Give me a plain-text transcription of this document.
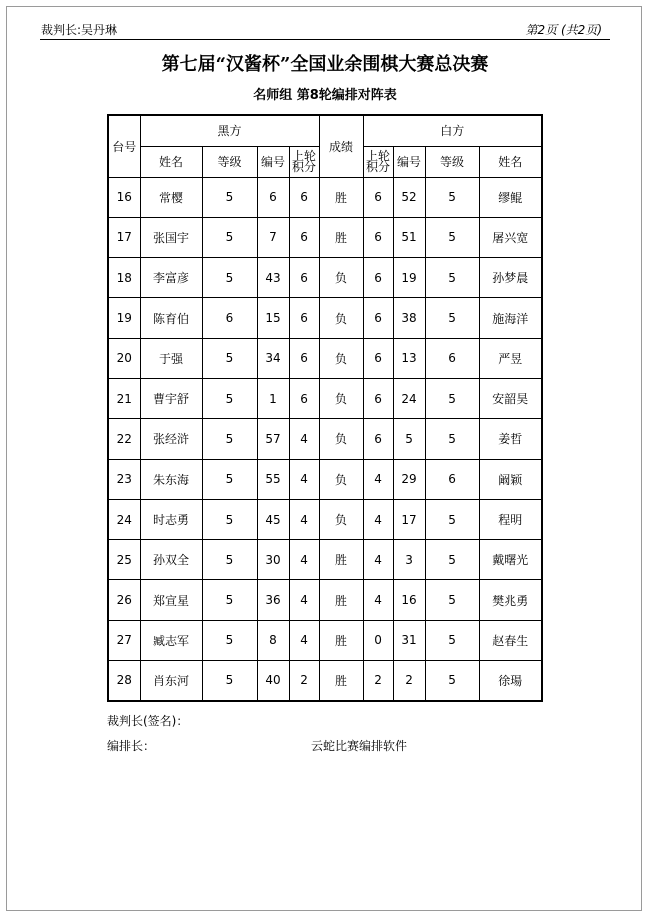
裁判长:吴丹琳	第2页 (共2页)
第七届“汉酱杯”全国业余围棋大赛总决赛
名师组 第8轮编排对阵表
台号	黑方				成绩	白方			
	姓名	等级	编号	上轮积分		上轮积分	编号	等级	姓名
16	常樱	5	6	6	胜	6	52	5	缪鲲
17	张国宇	5	7	6	胜	6	51	5	屠兴宽
18	李富彦	5	43	6	负	6	19	5	孙梦晨
19	陈育伯	6	15	6	负	6	38	5	施海洋
20	于强	5	34	6	负	6	13	6	严昱
21	曹宇舒	5	1	6	负	6	24	5	安韶昊
22	张经浒	5	57	4	负	6	5	5	姜哲
23	朱东海	5	55	4	负	4	29	6	阚颖
24	时志勇	5	45	4	负	4	17	5	程明
25	孙双全	5	30	4	胜	4	3	5	戴曙光
26	郑宣星	5	36	4	胜	4	16	5	樊兆勇
27	臧志军	5	8	4	胜	0	31	5	赵春生
28	肖东河	5	40	2	胜	2	2	5	徐瑒
裁判长(签名)：
编排长：	云蛇比赛编排软件
